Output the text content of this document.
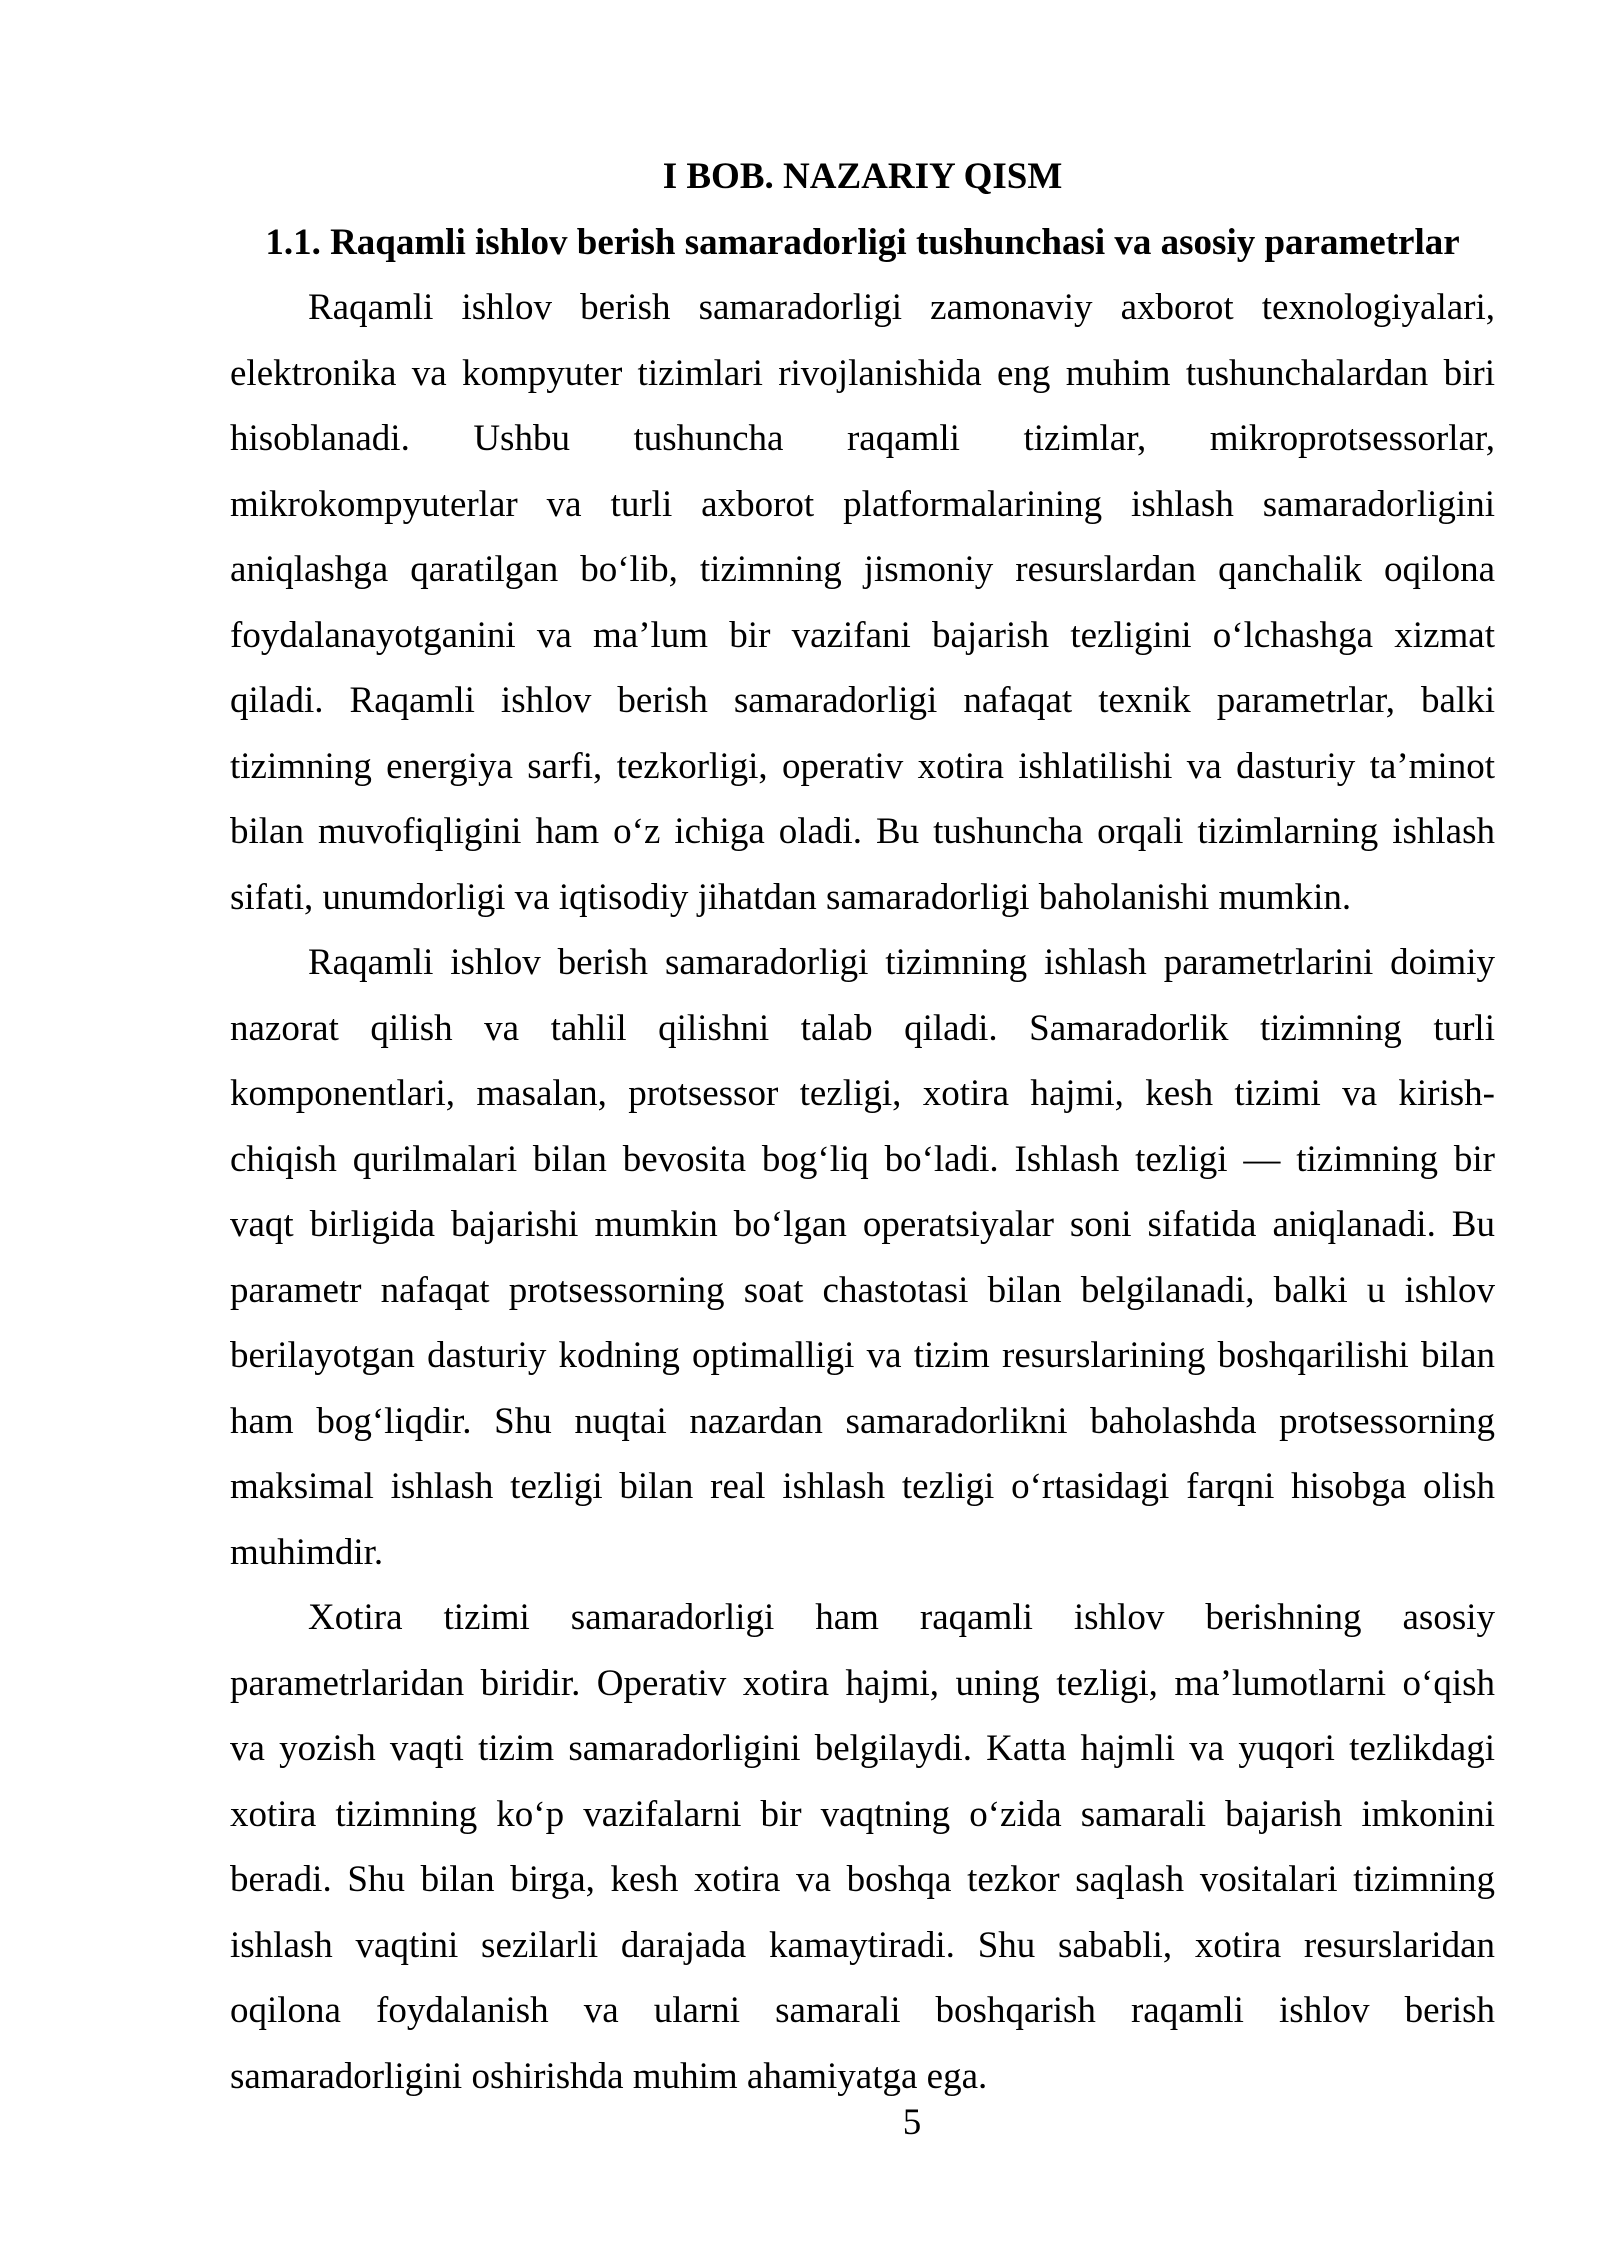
I BOB. NAZARIY QISM
1.1. Raqamli ishlov berish samaradorligi tushunchasi va asosiy parametrlar
Raqamli ishlov berish samaradorligi zamonaviy axborot texnologiyalari,
elektronika va kompyuter tizimlari rivojlanishida eng muhim tushunchalardan biri
hisoblanadi. Ushbu tushuncha raqamli tizimlar, mikroprotsessorlar,
mikrokompyuterlar va turli axborot platformalarining ishlash samaradorligini
aniqlashga qaratilgan bo‘lib, tizimning jismoniy resurslardan qanchalik oqilona
foydalanayotganini va ma’lum bir vazifani bajarish tezligini o‘lchashga xizmat
qiladi. Raqamli ishlov berish samaradorligi nafaqat texnik parametrlar, balki
tizimning energiya sarfi, tezkorligi, operativ xotira ishlatilishi va dasturiy ta’minot
bilan muvofiqligini ham o‘z ichiga oladi. Bu tushuncha orqali tizimlarning ishlash
sifati, unumdorligi va iqtisodiy jihatdan samaradorligi baholanishi mumkin.
Raqamli ishlov berish samaradorligi tizimning ishlash parametrlarini doimiy
nazorat qilish va tahlil qilishni talab qiladi. Samaradorlik tizimning turli
komponentlari, masalan, protsessor tezligi, xotira hajmi, kesh tizimi va kirish-
chiqish qurilmalari bilan bevosita bog‘liq bo‘ladi. Ishlash tezligi — tizimning bir
vaqt birligida bajarishi mumkin bo‘lgan operatsiyalar soni sifatida aniqlanadi. Bu
parametr nafaqat protsessorning soat chastotasi bilan belgilanadi, balki u ishlov
berilayotgan dasturiy kodning optimalligi va tizim resurslarining boshqarilishi bilan
ham bog‘liqdir. Shu nuqtai nazardan samaradorlikni baholashda protsessorning
maksimal ishlash tezligi bilan real ishlash tezligi o‘rtasidagi farqni hisobga olish
muhimdir.
Xotira tizimi samaradorligi ham raqamli ishlov berishning asosiy
parametrlaridan biridir. Operativ xotira hajmi, uning tezligi, ma’lumotlarni o‘qish
va yozish vaqti tizim samaradorligini belgilaydi. Katta hajmli va yuqori tezlikdagi
xotira tizimning ko‘p vazifalarni bir vaqtning o‘zida samarali bajarish imkonini
beradi. Shu bilan birga, kesh xotira va boshqa tezkor saqlash vositalari tizimning
ishlash vaqtini sezilarli darajada kamaytiradi. Shu sababli, xotira resurslaridan
oqilona foydalanish va ularni samarali boshqarish raqamli ishlov berish
samaradorligini oshirishda muhim ahamiyatga ega.
5
